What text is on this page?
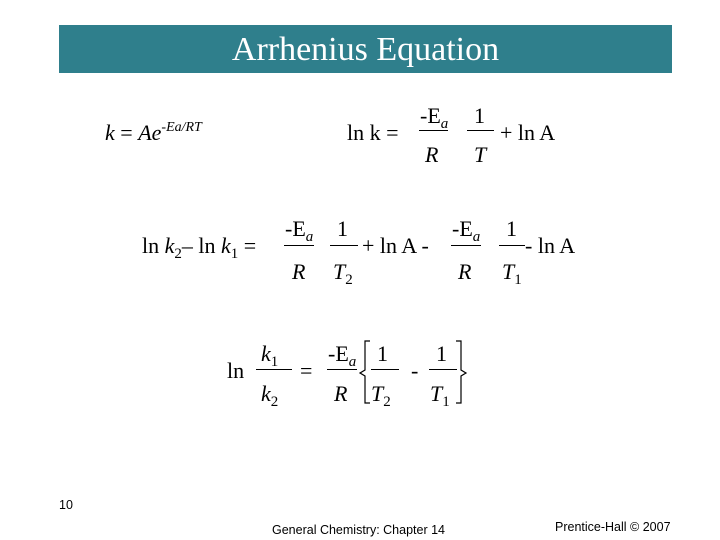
Arrhenius Equation
$k = Ae^{-Ea/RT}$	ln k =
$-E_a$ 1
R T
+ ln A
$\ln k_2-$ $\ln k_1$ =
$-E_a$ 1
R $T_2$
+ ln A -
$-E_a$ 1
R $T_1$
- ln A
ln
$k_1$
$k_2$
=
$-E_a$
R
1
$T_2$
-
1
$T_1$
10
General Chemistry: Chapter 14	Prentice-Hall © 2007
